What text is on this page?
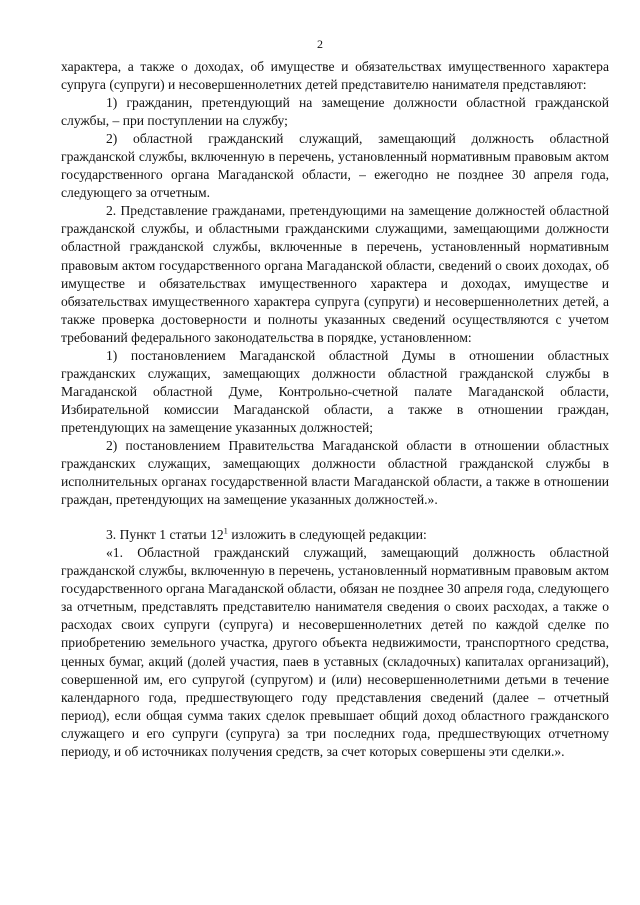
2

характера, а также о доходах, об имуществе и обязательствах имущественного характера супруга (супруги) и несовершеннолетних детей представителю нанимателя представляют:

1) гражданин, претендующий на замещение должности областной гражданской службы, – при поступлении на службу;

2) областной гражданский служащий, замещающий должность областной гражданской службы, включенную в перечень, установленный нормативным правовым актом государственного органа Магаданской области, – ежегодно не позднее 30 апреля года, следующего за отчетным.

2. Представление гражданами, претендующими на замещение должностей областной гражданской службы, и областными гражданскими служащими, замещающими должности областной гражданской службы, включенные в перечень, установленный нормативным правовым актом государственного органа Магаданской области, сведений о своих доходах, об имуществе и обязательствах имущественного характера и доходах, имуществе и обязательствах имущественного характера супруга (супруги) и несовершеннолетних детей, а также проверка достоверности и полноты указанных сведений осуществляются с учетом требований федерального законодательства в порядке, установленном:

1) постановлением Магаданской областной Думы в отношении областных гражданских служащих, замещающих должности областной гражданской службы в Магаданской областной Думе, Контрольно-счетной палате Магаданской области, Избирательной комиссии Магаданской области, а также в отношении граждан, претендующих на замещение указанных должностей;

2) постановлением Правительства Магаданской области в отношении областных гражданских служащих, замещающих должности областной гражданской службы в исполнительных органах государственной власти Магаданской области, а также в отношении граждан, претендующих на замещение указанных должностей.».

3. Пункт 1 статьи $12^1$ изложить в следующей редакции:

«1. Областной гражданский служащий, замещающий должность областной гражданской службы, включенную в перечень, установленный нормативным правовым актом государственного органа Магаданской области, обязан не позднее 30 апреля года, следующего за отчетным, представлять представителю нанимателя сведения о своих расходах, а также о расходах своих супруги (супруга) и несовершеннолетних детей по каждой сделке по приобретению земельного участка, другого объекта недвижимости, транспортного средства, ценных бумаг, акций (долей участия, паев в уставных (складочных) капиталах организаций), совершенной им, его супругой (супругом) и (или) несовершеннолетними детьми в течение календарного года, предшествующего году представления сведений (далее – отчетный период), если общая сумма таких сделок превышает общий доход областного гражданского служащего и его супруги (супруга) за три последних года, предшествующих отчетному периоду, и об источниках получения средств, за счет которых совершены эти сделки.».
